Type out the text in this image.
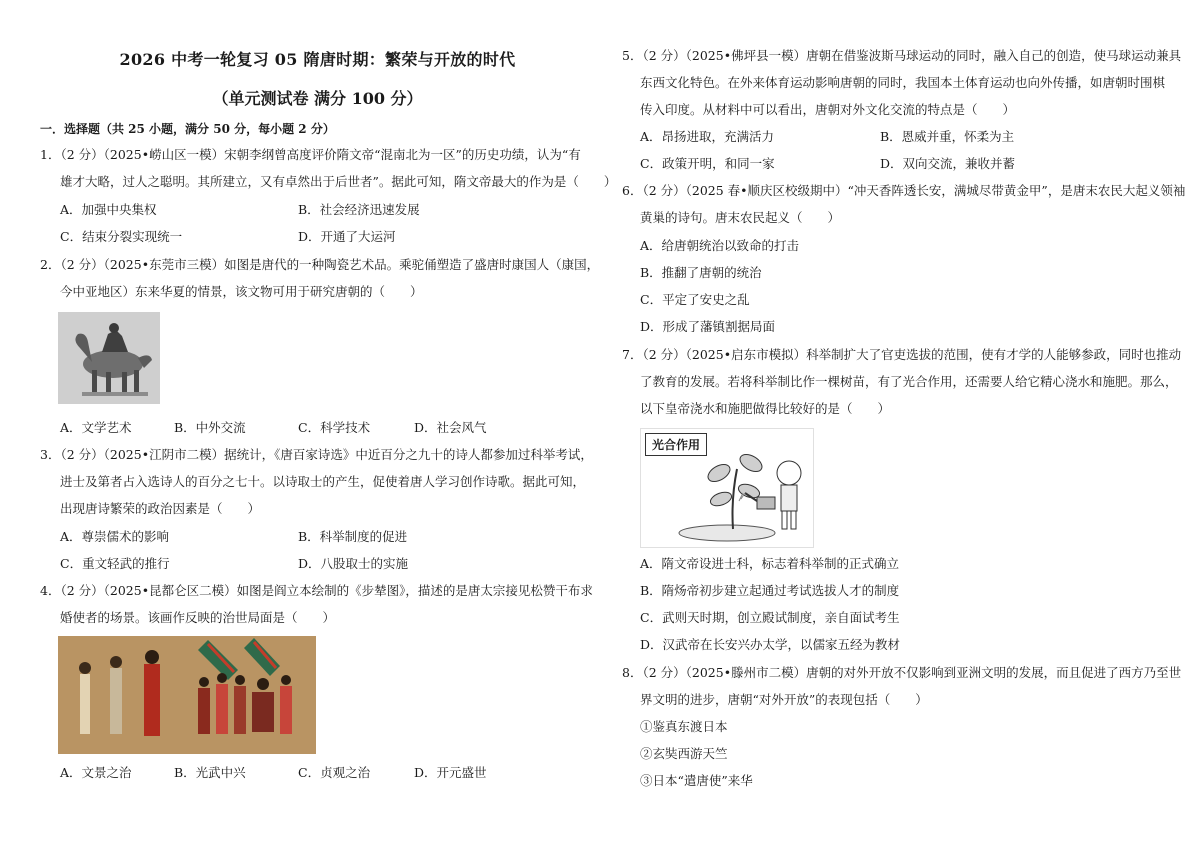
2026 中考一轮复习 05 隋唐时期：繁荣与开放的时代
（单元测试卷 满分 100 分）
一．选择题（共 25 小题，满分 50 分，每小题 2 分）
1．（2 分）（2025•崂山区一模）宋朝李纲曾高度评价隋文帝“混南北为一区”的历史功绩，认为“有
雄才大略，过人之聪明。其所建立，又有卓然出于后世者”。据此可知，隋文帝最大的作为是（　　）
A．加强中央集权	B．社会经济迅速发展
C．结束分裂实现统一	D．开通了大运河
2．（2 分）（2025•东莞市三模）如图是唐代的一种陶瓷艺术品。乘驼俑塑造了盛唐时康国人（康国，
今中亚地区）东来华夏的情景，该文物可用于研究唐朝的（　　）
A．文学艺术	B．中外交流	C．科学技术	D．社会风气
3．（2 分）（2025•江阴市二模）据统计，《唐百家诗选》中近百分之九十的诗人都参加过科举考试，
进士及第者占入选诗人的百分之七十。以诗取士的产生，促使着唐人学习创作诗歌。据此可知，
出现唐诗繁荣的政治因素是（　　）
A．尊崇儒术的影响	B．科举制度的促进
C．重文轻武的推行	D．八股取士的实施
4．（2 分）（2025•昆都仑区二模）如图是阎立本绘制的《步辇图》，描述的是唐太宗接见松赞干布求
婚使者的场景。该画作反映的治世局面是（　　）
A．文景之治	B．光武中兴	C．贞观之治	D．开元盛世
5．（2 分）（2025•佛坪县一模）唐朝在借鉴波斯马球运动的同时，融入自己的创造，使马球运动兼具
东西文化特色。在外来体育运动影响唐朝的同时，我国本土体育运动也向外传播，如唐朝时围棋
传入印度。从材料中可以看出，唐朝对外文化交流的特点是（　　）
A．昂扬进取，充满活力	B．恩威并重，怀柔为主
C．政策开明，和同一家	D．双向交流，兼收并蓄
6．（2 分）（2025 春•顺庆区校级期中）“冲天香阵透长安，满城尽带黄金甲”，是唐末农民大起义领袖
黄巢的诗句。唐末农民起义（　　）
A．给唐朝统治以致命的打击
B．推翻了唐朝的统治
C．平定了安史之乱
D．形成了藩镇割据局面
7．（2 分）（2025•启东市模拟）科举制扩大了官吏选拔的范围，使有才学的人能够参政，同时也推动
了教育的发展。若将科举制比作一棵树苗，有了光合作用，还需要人给它精心浇水和施肥。那么，
以下皇帝浇水和施肥做得比较好的是（　　）
光合作用
A．隋文帝设进士科，标志着科举制的正式确立
B．隋炀帝初步建立起通过考试选拔人才的制度
C．武则天时期，创立殿试制度，亲自面试考生
D．汉武帝在长安兴办太学，以儒家五经为教材
8．（2 分）（2025•滕州市二模）唐朝的对外开放不仅影响到亚洲文明的发展，而且促进了西方乃至世
界文明的进步，唐朝“对外开放”的表现包括（　　）
①鉴真东渡日本
②玄奘西游天竺
③日本“遣唐使”来华
